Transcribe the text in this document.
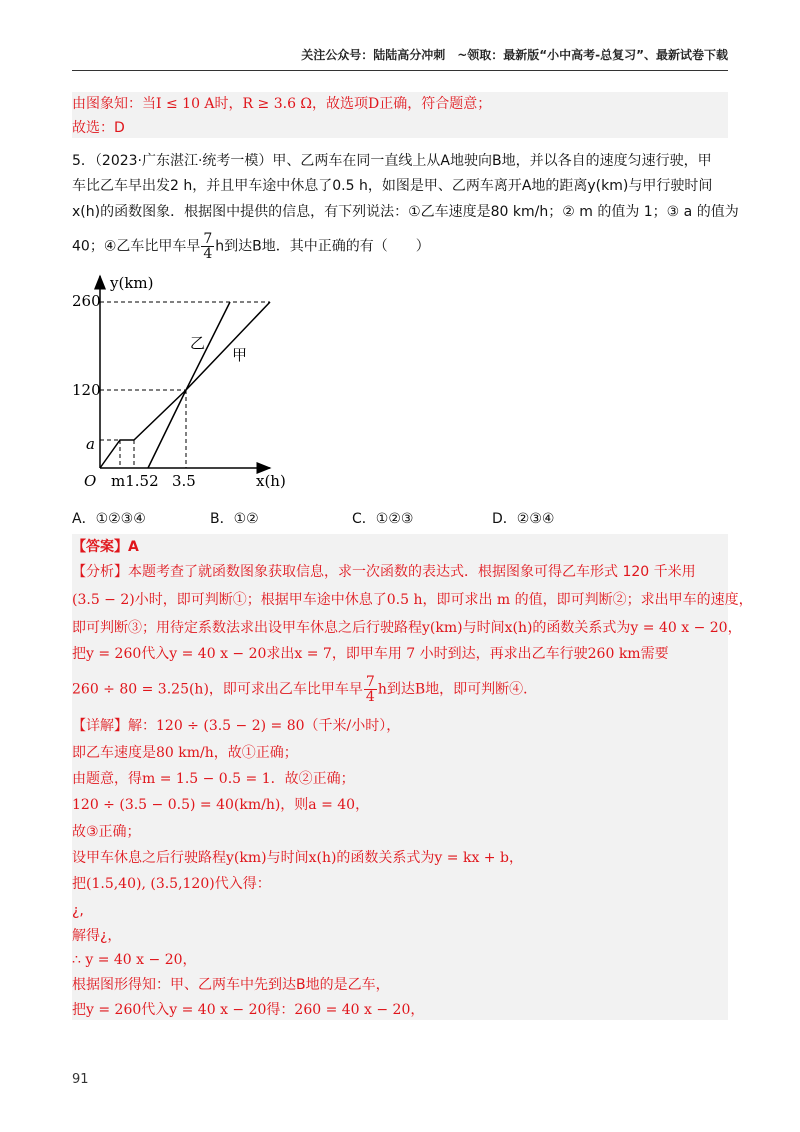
关注公众号：陆陆高分冲刺　~领取：最新版“小中高考-总复习”、最新试卷下载
由图象知：当I ≤ 10 A时，R ≥ 3.6 Ω，故选项D正确，符合题意；
故选：D
5．（2023·广东湛江·统考一模）甲、乙两车在同一直线上从A地驶向B地，并以各自的速度匀速行驶，甲
车比乙车早出发2 h，并且甲车途中休息了0.5 h，如图是甲、乙两车离开A地的距离y(km)与甲行驶时间
x(h)的函数图象．根据图中提供的信息，有下列说法：①乙车速度是80 km/h；② m 的值为 1；③ a 的值为
40；④乙车比甲车早 $\frac{7}{4}$ h到达B地．其中正确的有（　　）
y(km)
x(h)
O
260
120
a
m1.52 3.5
乙
甲
A．①②③④	B．①②	C．①②③	D．②③④
【答案】A
【分析】本题考查了就函数图象获取信息，求一次函数的表达式．根据图象可得乙车形式 120 千米用
(3.5 − 2)小时，即可判断①；根据甲车途中休息了0.5 h，即可求出 m 的值，即可判断②；求出甲车的速度，
即可判断③；用待定系数法求出设甲车休息之后行驶路程y(km)与时间x(h)的函数关系式为y = 40 x − 20，
把y = 260代入y = 40 x − 20求出x = 7，即甲车用 7 小时到达，再求出乙车行驶260 km需要
260 ÷ 80 = 3.25(h)，即可求出乙车比甲车早 $\frac{7}{4}$ h到达B地，即可判断④．
【详解】解：120 ÷ (3.5 − 2) = 80（千米/小时），
即乙车速度是80 km/h，故①正确；
由题意，得m = 1.5 − 0.5 = 1．故②正确；
120 ÷ (3.5 − 0.5) = 40(km/h)，则a = 40，
故③正确；
设甲车休息之后行驶路程y(km)与时间x(h)的函数关系式为y = kx + b，
把(1.5,40), (3.5,120)代入得：
¿,
解得¿，
∴ y = 40 x − 20，
根据图形得知：甲、乙两车中先到达B地的是乙车，
把y = 260代入y = 40 x − 20得：260 = 40 x − 20，
91
